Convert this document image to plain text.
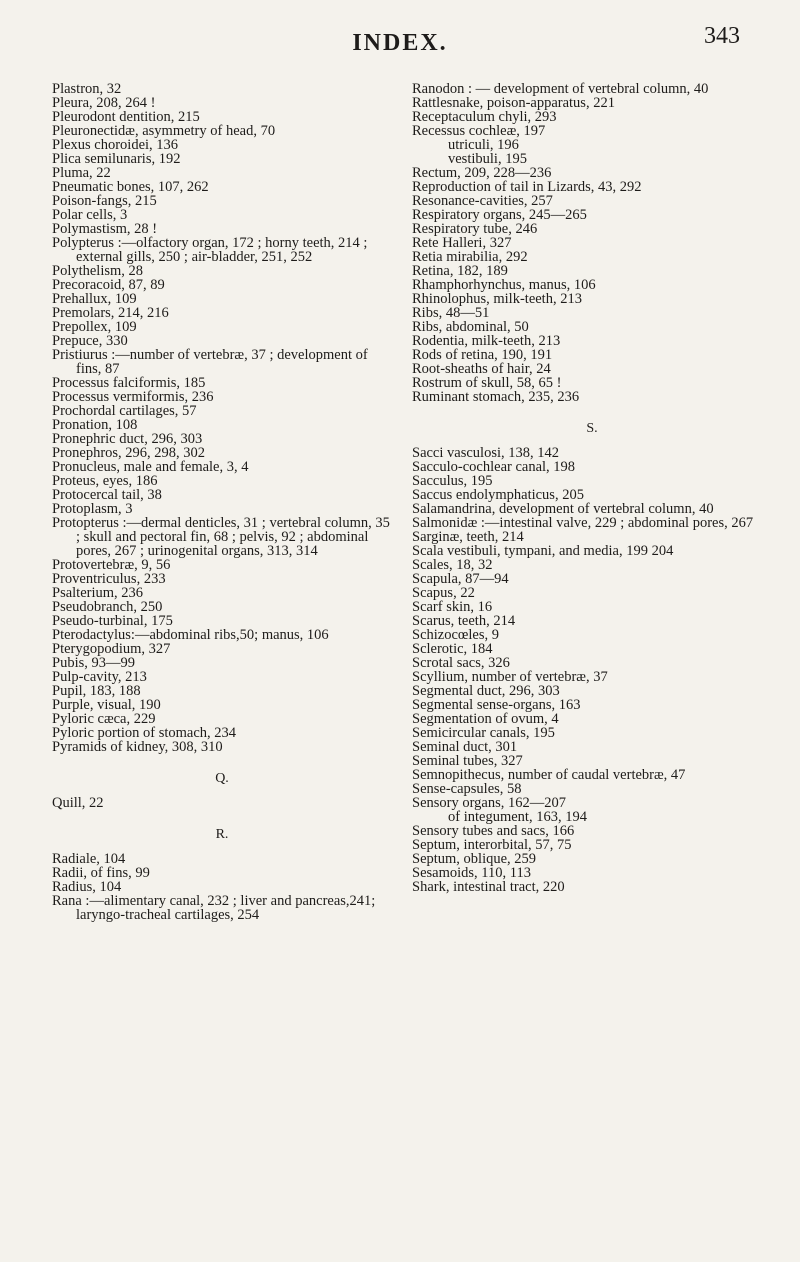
INDEX.	343
Plastron, 32
Pleura, 208, 264 !
Pleurodont dentition, 215
Pleuronectidæ, asymmetry of head, 70
Plexus choroidei, 136
Plica semilunaris, 192
Pluma, 22
Pneumatic bones, 107, 262
Poison-fangs, 215
Polar cells, 3
Polymastism, 28 !
Polypterus :—olfactory organ, 172 ; horny teeth, 214 ; external gills, 250 ; air-bladder, 251, 252
Polythelism, 28
Precoracoid, 87, 89
Prehallux, 109
Premolars, 214, 216
Prepollex, 109
Prepuce, 330
Pristiurus :—number of vertebræ, 37 ; development of fins, 87
Processus falciformis, 185
Processus vermiformis, 236
Prochordal cartilages, 57
Pronation, 108
Pronephric duct, 296, 303
Pronephros, 296, 298, 302
Pronucleus, male and female, 3, 4
Proteus, eyes, 186
Protocercal tail, 38
Protoplasm, 3
Protopterus :—dermal denticles, 31 ; vertebral column, 35 ; skull and pectoral fin, 68 ; pelvis, 92 ; abdominal pores, 267 ; urinogenital organs, 313, 314
Protovertebræ, 9, 56
Proventriculus, 233
Psalterium, 236
Pseudobranch, 250
Pseudo-turbinal, 175
Pterodactylus:—abdominal ribs,50; manus, 106
Pterygopodium, 327
Pubis, 93—99
Pulp-cavity, 213
Pupil, 183, 188
Purple, visual, 190
Pyloric cæca, 229
Pyloric portion of stomach, 234
Pyramids of kidney, 308, 310
Q.
Quill, 22
R.
Radiale, 104
Radii, of fins, 99
Radius, 104
Rana :—alimentary canal, 232 ; liver and pancreas,241; laryngo-tracheal cartilages, 254
Ranodon : — development of vertebral column, 40
Rattlesnake, poison-apparatus, 221
Receptaculum chyli, 293
Recessus cochleæ, 197
utriculi, 196
vestibuli, 195
Rectum, 209, 228—236
Reproduction of tail in Lizards, 43, 292
Resonance-cavities, 257
Respiratory organs, 245—265
Respiratory tube, 246
Rete Halleri, 327
Retia mirabilia, 292
Retina, 182, 189
Rhamphorhynchus, manus, 106
Rhinolophus, milk-teeth, 213
Ribs, 48—51
Ribs, abdominal, 50
Rodentia, milk-teeth, 213
Rods of retina, 190, 191
Root-sheaths of hair, 24
Rostrum of skull, 58, 65 !
Ruminant stomach, 235, 236
S.
Sacci vasculosi, 138, 142
Sacculo-cochlear canal, 198
Sacculus, 195
Saccus endolymphaticus, 205
Salamandrina, development of vertebral column, 40
Salmonidæ :—intestinal valve, 229 ; abdominal pores, 267
Sarginæ, teeth, 214
Scala vestibuli, tympani, and media, 199 204
Scales, 18, 32
Scapula, 87—94
Scapus, 22
Scarf skin, 16
Scarus, teeth, 214
Schizocœles, 9
Sclerotic, 184
Scrotal sacs, 326
Scyllium, number of vertebræ, 37
Segmental duct, 296, 303
Segmental sense-organs, 163
Segmentation of ovum, 4
Semicircular canals, 195
Seminal duct, 301
Seminal tubes, 327
Semnopithecus, number of caudal vertebræ, 47
Sense-capsules, 58
Sensory organs, 162—207
of integument, 163, 194
Sensory tubes and sacs, 166
Septum, interorbital, 57, 75
Septum, oblique, 259
Sesamoids, 110, 113
Shark, intestinal tract, 220
